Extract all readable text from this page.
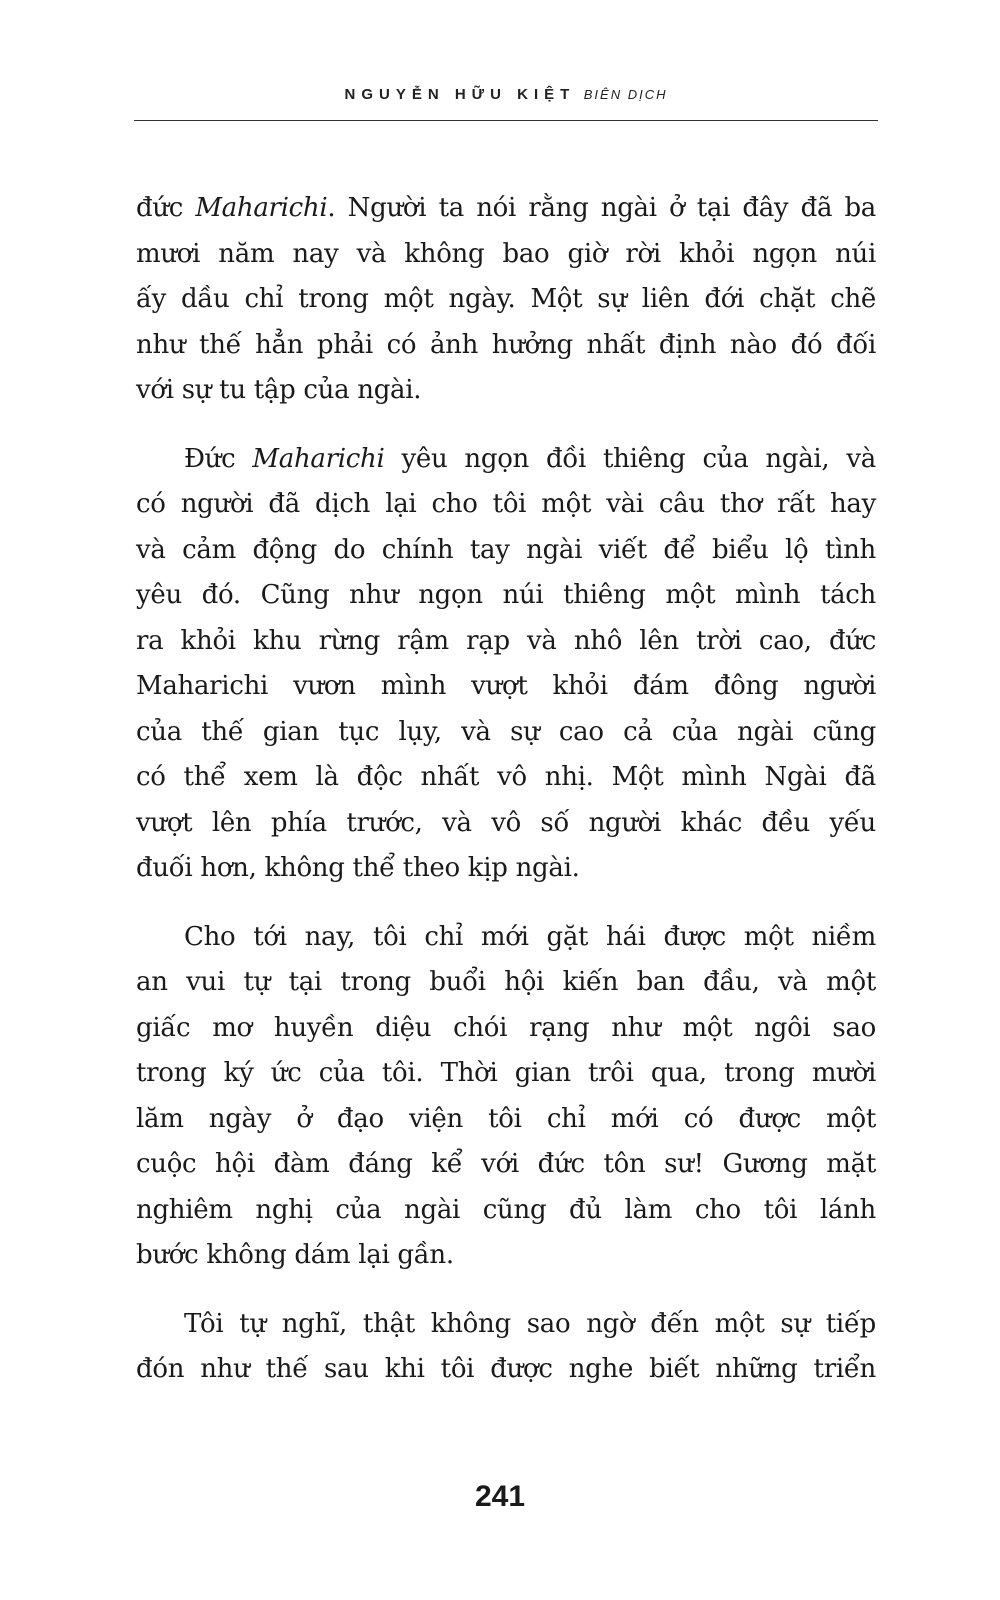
NGUYỄN HỮU KIỆT BIÊN DỊCH

đức Maharichi. Người ta nói rằng ngài ở tại đây đã ba
mươi năm nay và không bao giờ rời khỏi ngọn núi
ấy dầu chỉ trong một ngày. Một sự liên đới chặt chẽ
như thế hẳn phải có ảnh hưởng nhất định nào đó đối
với sự tu tập của ngài.

Đức Maharichi yêu ngọn đồi thiêng của ngài, và
có người đã dịch lại cho tôi một vài câu thơ rất hay
và cảm động do chính tay ngài viết để biểu lộ tình
yêu đó. Cũng như ngọn núi thiêng một mình tách
ra khỏi khu rừng rậm rạp và nhô lên trời cao, đức
Maharichi vươn mình vượt khỏi đám đông người
của thế gian tục lụy, và sự cao cả của ngài cũng
có thể xem là độc nhất vô nhị. Một mình Ngài đã
vượt lên phía trước, và vô số người khác đều yếu
đuối hơn, không thể theo kịp ngài.

Cho tới nay, tôi chỉ mới gặt hái được một niềm
an vui tự tại trong buổi hội kiến ban đầu, và một
giấc mơ huyền diệu chói rạng như một ngôi sao
trong ký ức của tôi. Thời gian trôi qua, trong mười
lăm ngày ở đạo viện tôi chỉ mới có được một
cuộc hội đàm đáng kể với đức tôn sư! Gương mặt
nghiêm nghị của ngài cũng đủ làm cho tôi lánh
bước không dám lại gần.

Tôi tự nghĩ, thật không sao ngờ đến một sự tiếp
đón như thế sau khi tôi được nghe biết những triển

241
